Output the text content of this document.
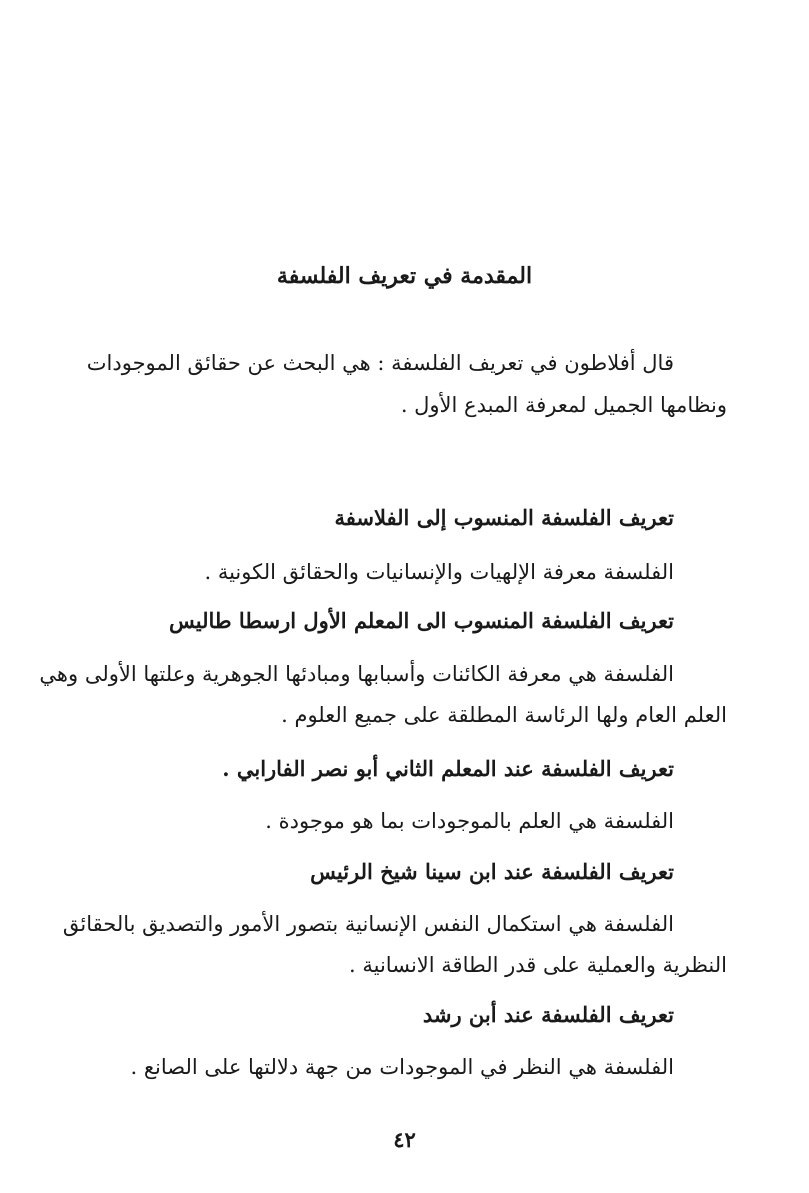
المقدمة في تعريف الفلسفة
قال أفلاطون في تعريف الفلسفة : هي البحث عن حقائق الموجودات
ونظامها الجميل لمعرفة المبدع الأول .
تعريف الفلسفة المنسوب إلى الفلاسفة
الفلسفة معرفة الإلهيات والإنسانيات والحقائق الكونية .
تعريف الفلسفة المنسوب الى المعلم الأول ارسطا طاليس
الفلسفة هي معرفة الكائنات وأسبابها ومبادئها الجوهرية وعلتها الأولى وهي
العلم العام ولها الرئاسة المطلقة على جميع العلوم .
تعريف الفلسفة عند المعلم الثاني أبو نصر الفارابي .
الفلسفة هي العلم بالموجودات بما هو موجودة .
تعريف الفلسفة عند ابن سينا شيخ الرئيس
الفلسفة هي استكمال النفس الإنسانية بتصور الأمور والتصديق بالحقائق
النظرية والعملية على قدر الطاقة الانسانية .
تعريف الفلسفة عند أبن رشد
الفلسفة هي النظر في الموجودات من جهة دلالتها على الصانع .
٤٢
